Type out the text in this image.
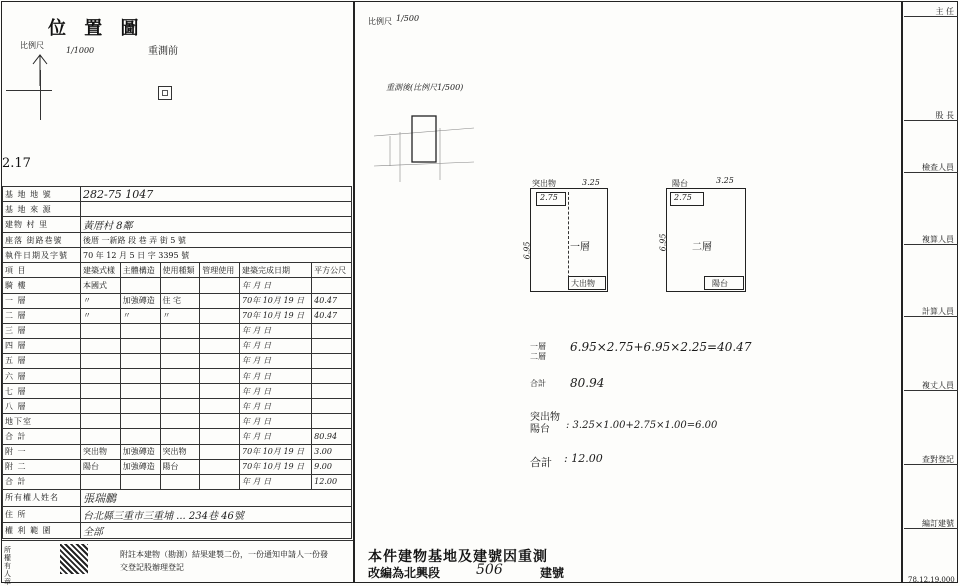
位 置 圖
比例尺
1/1000	重測前
2.17
基 地 地 號	282-75 1047					
基 地 來 源						
建物 村 里	黃厝村 8鄰					
座落 街路巷號	後厝 一新路 段 巷 弄 街 5 號					
執件日期及字號	70 年 12 月 5 日 字 3395 號					
項 目	建築式樣	主體構造	使用種類	管理使用	建築完成日期	平方公尺
騎 樓	本國式				年 月 日	
一 層	〃	加強磚造	住 宅		70年 10月 19 日	40.47
二 層	〃	〃	〃		70年 10月 19 日	40.47
三 層					年 月 日	
四 層					年 月 日	
五 層					年 月 日	
六 層					年 月 日	
七 層					年 月 日	
八 層					年 月 日	
地下室					年 月 日	
合 計					年 月 日	80.94
附 一	突出物	加強磚造	突出物		70年 10月 19 日	3.00
附 二	陽台	加強磚造	陽台		70年 10月 19 日	9.00
合 計					年 月 日	12.00
所有權人姓名	張瑞鵬					
住 所	台北縣三重市三重埔 ... 234巷 46號					
權 利 範 圍	全部					
所權有人章
附註本建物（勘測）結果建製二份，一份通知申請人一份發交登記股辦理登記
比例尺 1/500
重測後(比例尺1/500)
突出物	3.25
2.75
一層
6.95
大出物
陽台	3.25
2.75
二層
6.95
陽台
一層
二層
6.95×2.75+6.95×2.25=40.47
合計 80.94
突出物
陽台	: 3.25×1.00+2.75×1.00=6.00
合計 : 12.00
本件建物基地及建號因重測
改編為北興段	506	建號
主 任
股 長
檢查人員
複算人員
計算人員
複丈人員
查對登記
編訂建號
78.12.19.000
